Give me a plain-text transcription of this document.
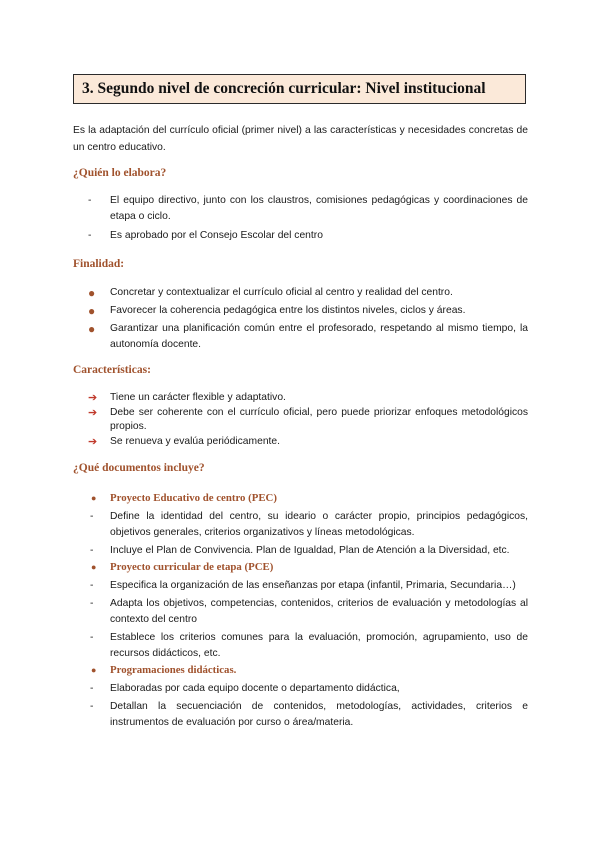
3. Segundo nivel de concreción curricular: Nivel institucional

Es la adaptación del currículo oficial (primer nivel) a las características y necesidades concretas de un centro educativo.

¿Quién lo elabora?
-	El equipo directivo, junto con los claustros, comisiones pedagógicas y coordinaciones de etapa o ciclo.
-	Es aprobado por el Consejo Escolar del centro
Finalidad:
●	Concretar y contextualizar el currículo oficial al centro y realidad del centro.
●	Favorecer la coherencia pedagógica entre los distintos niveles, ciclos y áreas.
●	Garantizar una planificación común entre el profesorado, respetando al mismo tiempo, la autonomía docente.
Características:
➔	Tiene un carácter flexible y adaptativo.
➔	Debe ser coherente con el currículo oficial, pero puede priorizar enfoques metodológicos propios.
➔	Se renueva y evalúa periódicamente.
¿Qué documentos incluye?
●	Proyecto Educativo de centro (PEC)
-	Define la identidad del centro, su ideario o carácter propio, principios pedagógicos, objetivos generales, criterios organizativos y líneas metodológicas.
-	Incluye el Plan de Convivencia. Plan de Igualdad, Plan de Atención a la Diversidad, etc.
●	Proyecto curricular de etapa (PCE)
-	Especifica la organización de las enseñanzas por etapa (infantil, Primaria, Secundaria…)
-	Adapta los objetivos, competencias, contenidos, criterios de evaluación y metodologías al contexto del centro
-	Establece los criterios comunes para la evaluación, promoción, agrupamiento, uso de recursos didácticos, etc.
●	Programaciones didácticas.
-	Elaboradas por cada equipo docente o departamento didáctica,
-	Detallan la secuenciación de contenidos, metodologías, actividades, criterios e instrumentos de evaluación por curso o área/materia.
